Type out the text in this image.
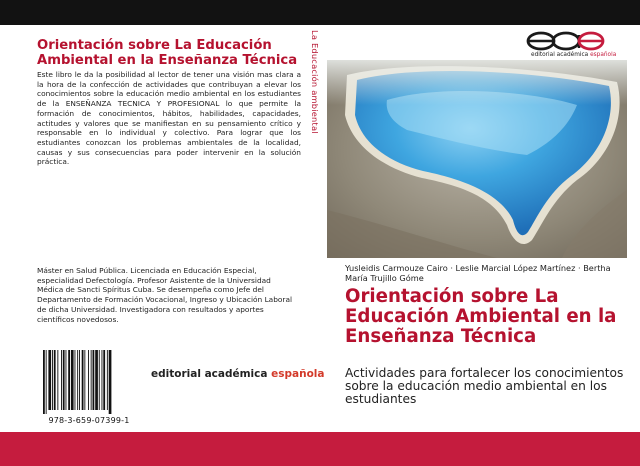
Orientación sobre La Educación Ambiental en la Enseñanza Técnica
Este libro le da la posibilidad al lector de tener una visión mas clara a la hora de la confección de actividades que contribuyan a elevar los conocimientos sobre la educación medio ambiental en los estudiantes de la ENSEÑANZA TECNICA Y PROFESIONAL lo que permite la formación de conocimientos, hábitos, habilidades, capacidades, actitudes y valores que se manifiestan en su pensamiento crítico y responsable en lo individual y colectivo. Para lograr que los estudiantes conozcan los problemas ambientales de la localidad, causas y sus consecuencias para poder intervenir en la solución práctica.
Máster en Salud Pública. Licenciada en Educación Especial, especialidad Defectología. Profesor Asistente de la Universidad Médica de Sancti Spíritus Cuba. Se desempeña como Jefe del Departamento de Formación Vocacional, Ingreso y Ubicación Laboral de dicha Universidad. Investigadora con resultados y aportes científicos novedosos.
978-3-659-07399-1
editorial académica española
La Educación ambiental	editorial académica española
Yusleidis Carmouze Cairo · Leslie Marcial López Martínez · Bertha María Trujillo Góme
Orientación sobre La Educación Ambiental en la Enseñanza Técnica
Actividades para fortalecer los conocimientos sobre la educación medio ambiental en los estudiantes
